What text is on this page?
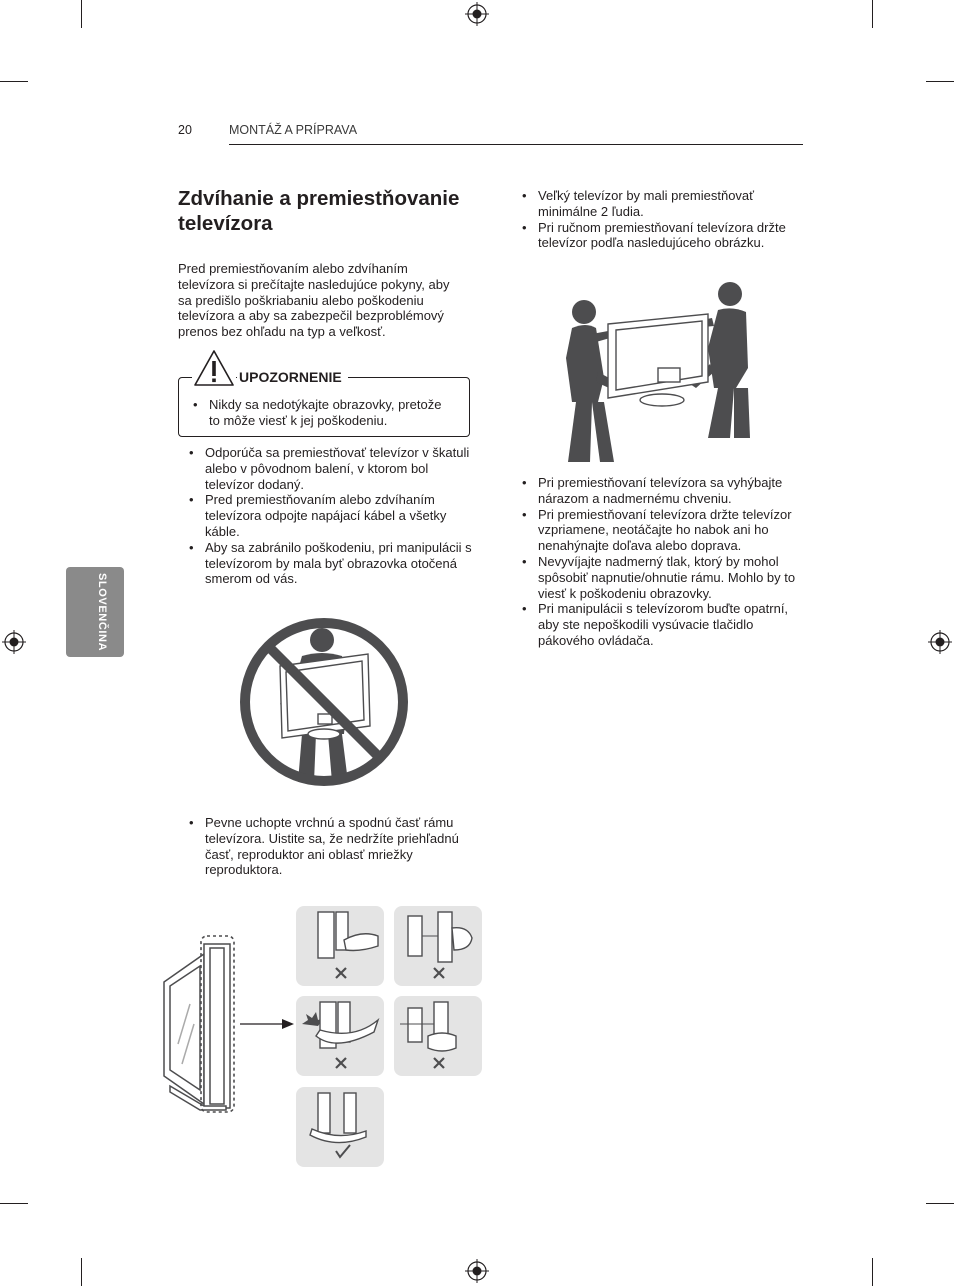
20	MONTÁŽ A PRÍPRAVA
Zdvíhanie a premiestňovanie televízora
Pred premiestňovaním alebo zdvíhaním televízora si prečítajte nasledujúce pokyny, aby sa predišlo poškriabaniu alebo poškodeniu televízora a aby sa zabezpečil bezproblémový prenos bez ohľadu na typ a veľkosť.
UPOZORNENIE
• Nikdy sa nedotýkajte obrazovky, pretože to môže viesť k jej poškodeniu.
• Odporúča sa premiestňovať televízor v škatuli alebo v pôvodnom balení, v ktorom bol televízor dodaný.
• Pred premiestňovaním alebo zdvíhaním televízora odpojte napájací kábel a všetky káble.
• Aby sa zabránilo poškodeniu, pri manipulácii s televízorom by mala byť obrazovka otočená smerom od vás.
• Pevne uchopte vrchnú a spodnú časť rámu televízora. Uistite sa, že nedržíte priehľadnú časť, reproduktor ani oblasť mriežky reproduktora.
SLOVENČINA
• Veľký televízor by mali premiestňovať minimálne 2 ľudia.
• Pri ručnom premiestňovaní televízora držte televízor podľa nasledujúceho obrázku.
• Pri premiestňovaní televízora sa vyhýbajte nárazom a nadmernému chveniu.
• Pri premiestňovaní televízora držte televízor vzpriamene, neotáčajte ho nabok ani ho nenahýnajte doľava alebo doprava.
• Nevyvíjajte nadmerný tlak, ktorý by mohol spôsobiť napnutie/ohnutie rámu. Mohlo by to viesť k poškodeniu obrazovky.
• Pri manipulácii s televízorom buďte opatrní, aby ste nepoškodili vysúvacie tlačidlo pákového ovládača.
